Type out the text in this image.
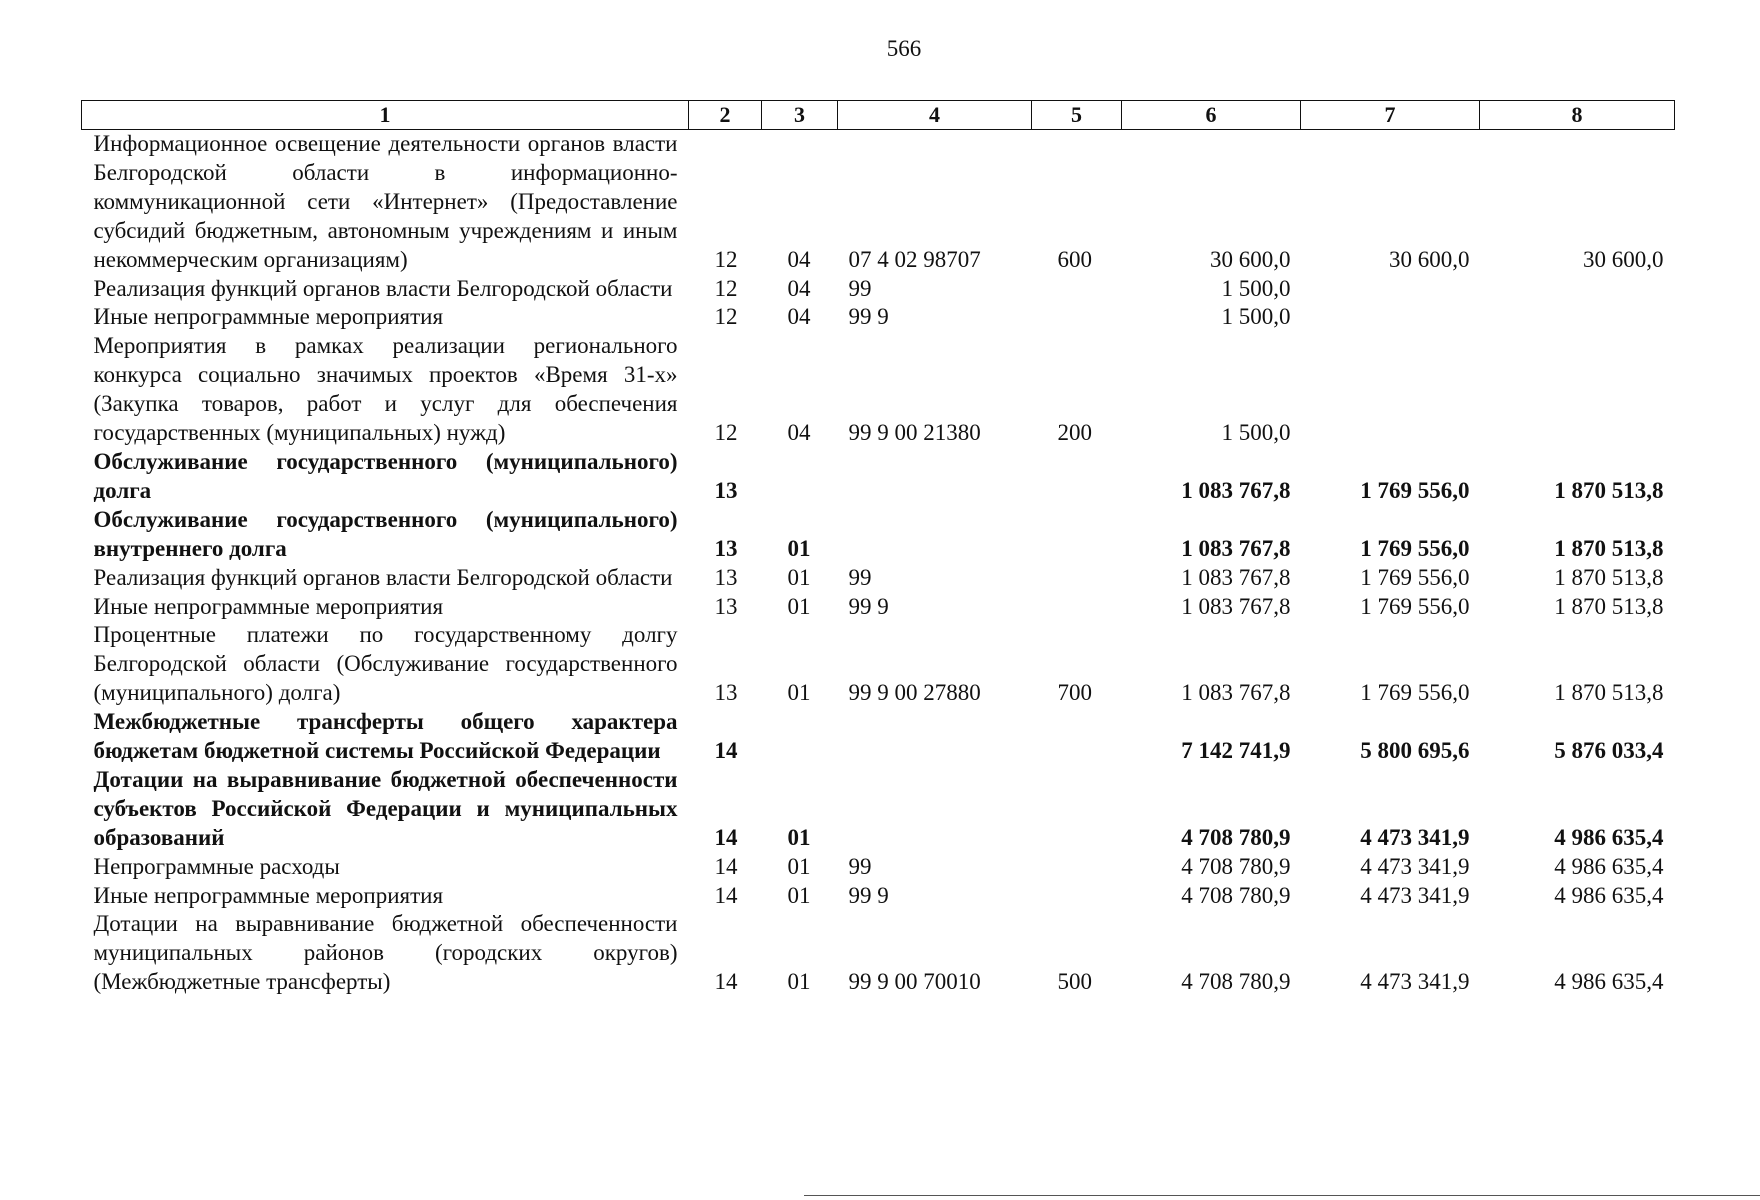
566
1	2	3	4	5	6	7	8
Информационное освещение деятельности органов власти Белгородской области в информационно-коммуникационной сети «Интернет» (Предоставление субсидий бюджетным, автономным учреждениям и иным некоммерческим организациям)	12	04	07 4 02 98707	600	30 600,0	30 600,0	30 600,0
Реализация функций органов власти Белгородской области	12	04	99		1 500,0		
Иные непрограммные мероприятия	12	04	99 9		1 500,0		
Мероприятия в рамках реализации регионального конкурса социально значимых проектов «Время 31-х» (Закупка товаров, работ и услуг для обеспечения государственных (муниципальных) нужд)	12	04	99 9 00 21380	200	1 500,0		
Обслуживание государственного (муниципального) долга	13				1 083 767,8	1 769 556,0	1 870 513,8
Обслуживание государственного (муниципального) внутреннего долга	13	01			1 083 767,8	1 769 556,0	1 870 513,8
Реализация функций органов власти Белгородской области	13	01	99		1 083 767,8	1 769 556,0	1 870 513,8
Иные непрограммные мероприятия	13	01	99 9		1 083 767,8	1 769 556,0	1 870 513,8
Процентные платежи по государственному долгу Белгородской области (Обслуживание государственного (муниципального) долга)	13	01	99 9 00 27880	700	1 083 767,8	1 769 556,0	1 870 513,8
Межбюджетные трансферты общего характера бюджетам бюджетной системы Российской Федерации	14				7 142 741,9	5 800 695,6	5 876 033,4
Дотации на выравнивание бюджетной обеспеченности субъектов Российской Федерации и муниципальных образований	14	01			4 708 780,9	4 473 341,9	4 986 635,4
Непрограммные расходы	14	01	99		4 708 780,9	4 473 341,9	4 986 635,4
Иные непрограммные мероприятия	14	01	99 9		4 708 780,9	4 473 341,9	4 986 635,4
Дотации на выравнивание бюджетной обеспеченности муниципальных районов (городских округов) (Межбюджетные трансферты)	14	01	99 9 00 70010	500	4 708 780,9	4 473 341,9	4 986 635,4
